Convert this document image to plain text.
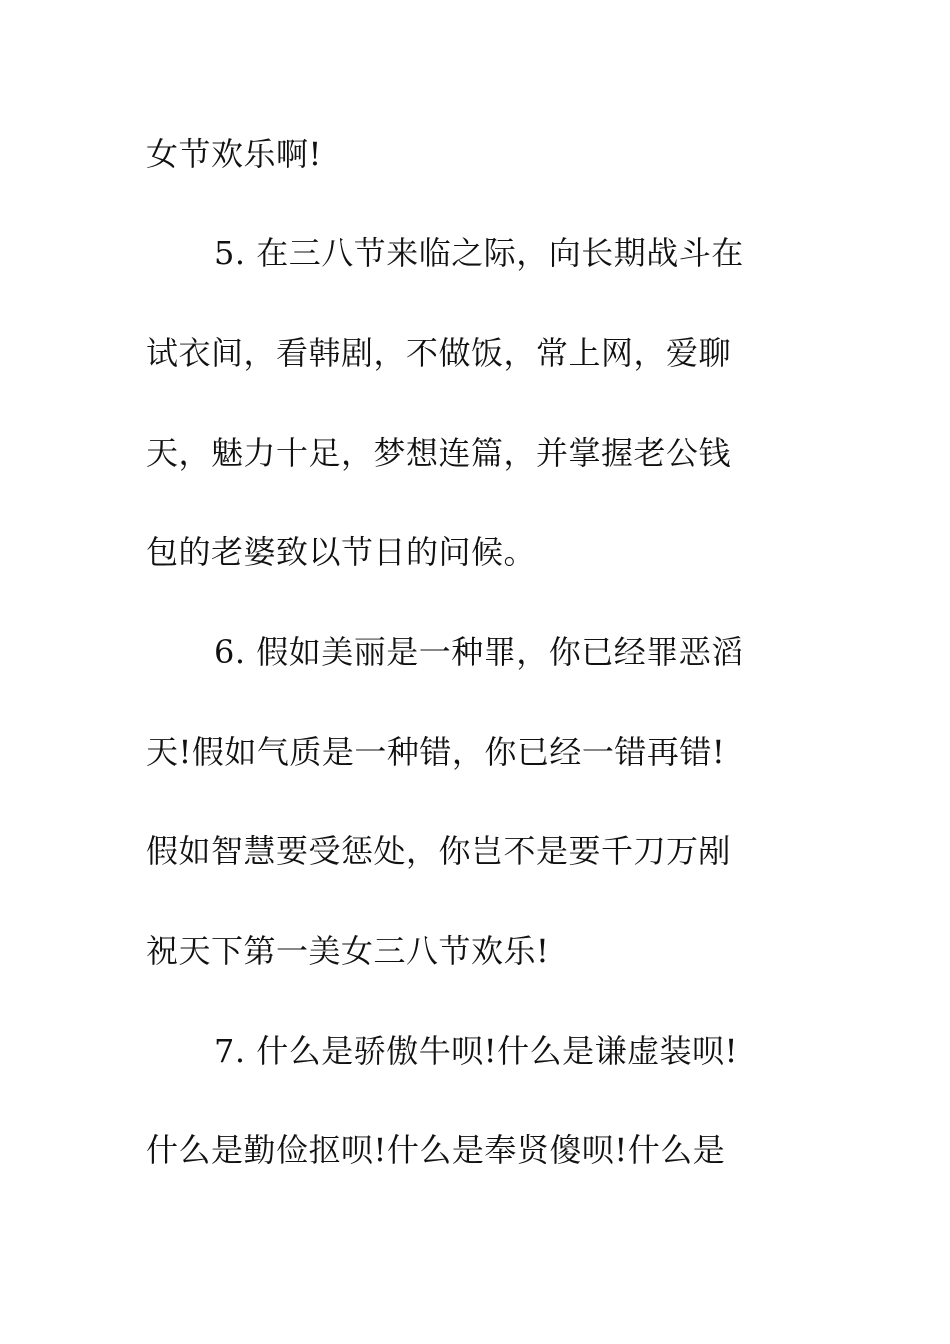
女节欢乐啊!
5. 在三八节来临之际，向长期战斗在
试衣间，看韩剧，不做饭，常上网，爱聊
天，魅力十足，梦想连篇，并掌握老公钱
包的老婆致以节日的问候。
6. 假如美丽是一种罪，你已经罪恶滔
天!假如气质是一种错，你已经一错再错!
假如智慧要受惩处，你岂不是要千刀万剐
祝天下第一美女三八节欢乐!
7. 什么是骄傲牛呗!什么是谦虚装呗!
什么是勤俭抠呗!什么是奉贤傻呗!什么是
